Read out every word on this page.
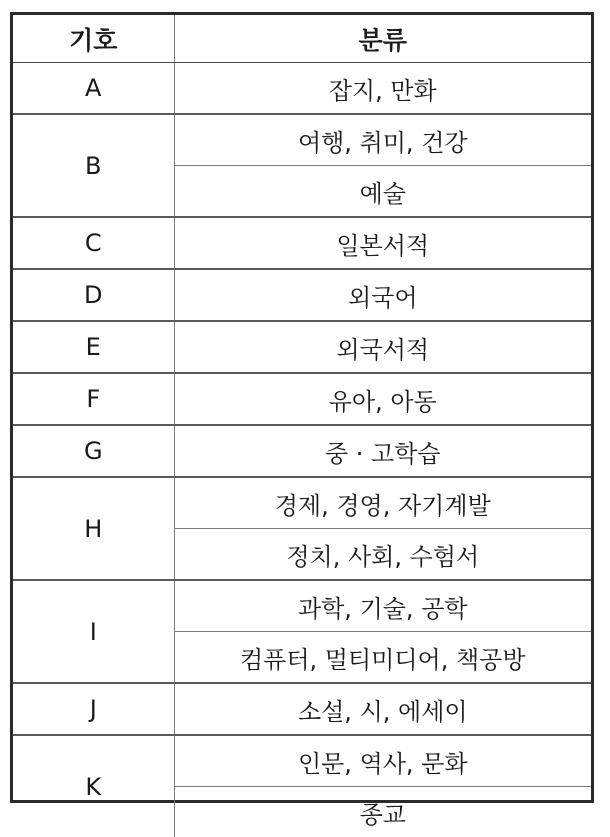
기호	분류
A	잡지, 만화
B	여행, 취미, 건강
	예술
C	일본서적
D	외국어
E	외국서적
F	유아, 아동
G	중 · 고학습
H	경제, 경영, 자기계발
	정치, 사회, 수험서
I	과학, 기술, 공학
	컴퓨터, 멀티미디어, 책공방
J	소설, 시, 에세이
K	인문, 역사, 문화
	종교
